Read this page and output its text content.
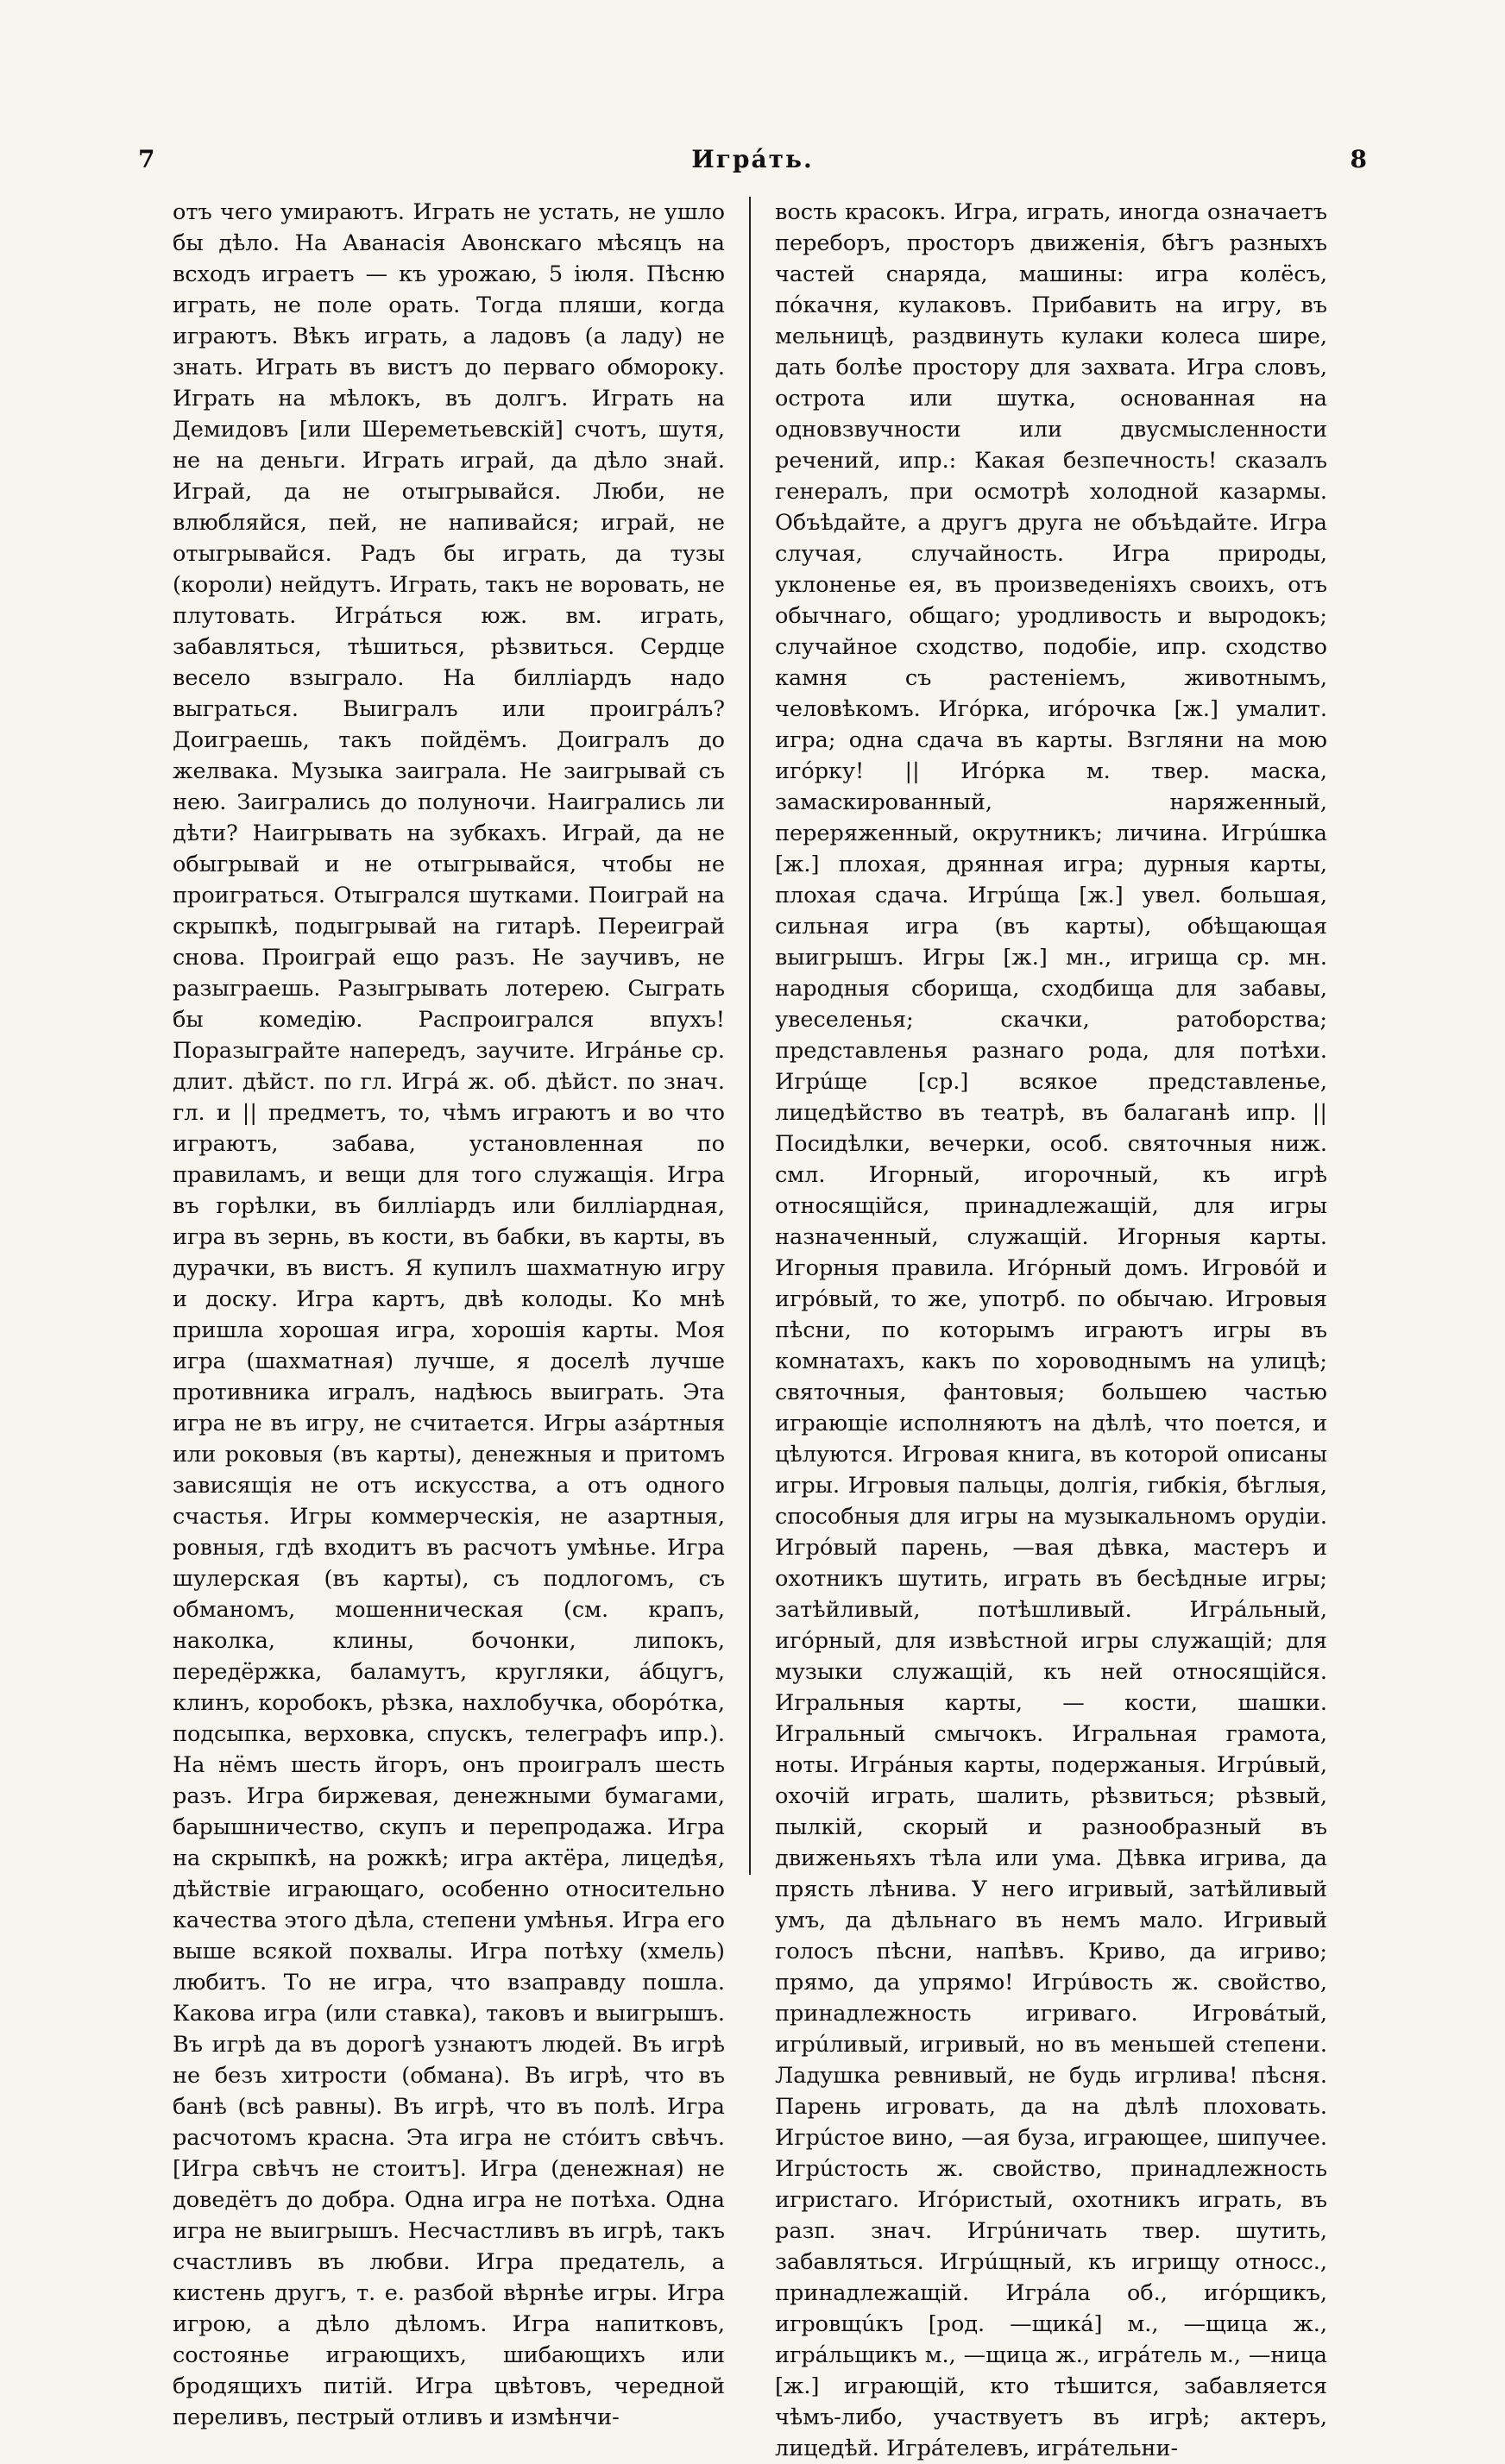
7	Игрáть.	8

отъ чего умираютъ. Играть не устать, не ушло бы дѣло. На Аванасія Авонскаго мѣсяцъ на всходъ играетъ — къ урожаю, 5 іюля. Пѣсню играть, не поле орать. Тогда пляши, когда играютъ. Вѣкъ играть, а ладовъ (а ладу) не знать. Играть въ вистъ до перваго обмороку. Играть на мѣлокъ, въ долгъ. Играть на Демидовъ [или Шереметьевскій] счотъ, шутя, не на деньги. Играть играй, да дѣло знай. Играй, да не отыгрывайся. Люби, не влюбляйся, пей, не напивайся; играй, не отыгрывайся. Радъ бы играть, да тузы (короли) нейдутъ. Играть, такъ не воровать, не плутовать. Игрáться юж. вм. играть, забавляться, тѣшиться, рѣзвиться. Сердце весело взыграло. На билліардъ надо выграться. Выигралъ или проигрáлъ? Доиграешь, такъ пойдёмъ. Доигралъ до желвака. Музыка заиграла. Не заигрывай съ нею. Заигрались до полуночи. Наигрались ли дѣти? Наигрывать на зубкахъ. Играй, да не обыгрывай и не отыгрывайся, чтобы не проиграться. Отыгрался шутками. Поиграй на скрыпкѣ, подыгрывай на гитарѣ. Переиграй снова. Проиграй ещо разъ. Не заучивъ, не разыграешь. Разыгрывать лотерею. Сыграть бы комедію. Распроигрался впухъ! Поразыграйте напередъ, заучите. Игрáнье ср. длит. дѣйст. по гл. Игрá ж. об. дѣйст. по знач. гл. и || предметъ, то, чѣмъ играютъ и во что играютъ, забава, установленная по правиламъ, и вещи для того служащія. Игра въ горѣлки, въ билліардъ или билліардная, игра въ зернь, въ кости, въ бабки, въ карты, въ дурачки, въ вистъ. Я купилъ шахматную игру и доску. Игра картъ, двѣ колоды. Ко мнѣ пришла хорошая игра, хорошія карты. Моя игра (шахматная) лучше, я доселѣ лучше противника игралъ, надѣюсь выиграть. Эта игра не въ игру, не считается. Игры азáртныя или роковыя (въ карты), денежныя и притомъ зависящія не отъ искусства, а отъ одного счастья. Игры коммерческія, не азартныя, ровныя, гдѣ входитъ въ расчотъ умѣнье. Игра шулерская (въ карты), съ подлогомъ, съ обманомъ, мошенническая (см. крапъ, наколка, клины, бочонки, липокъ, передёржка, баламутъ, кругляки, áбцугъ, клинъ, коробокъ, рѣзка, нахлобучка, оборóтка, подсыпка, верховка, спускъ, телеграфъ ипр.). На нёмъ шесть йгоръ, онъ проигралъ шесть разъ. Игра биржевая, денежными бумагами, барышничество, скупъ и перепродажа. Игра на скрыпкѣ, на рожкѣ; игра актёра, лицедѣя, дѣйствіе играющаго, особенно относительно качества этого дѣла, степени умѣнья. Игра его выше всякой похвалы. Игра потѣху (хмель) любитъ. То не игра, что взаправду пошла. Какова игра (или ставка), таковъ и выигрышъ. Въ игрѣ да въ дорогѣ узнаютъ людей. Въ игрѣ не безъ хитрости (обмана). Въ игрѣ, что въ банѣ (всѣ равны). Въ игрѣ, что въ полѣ. Игра расчотомъ красна. Эта игра не стóитъ свѣчъ. [Игра свѣчъ не стоитъ]. Игра (денежная) не доведётъ до добра. Одна игра не потѣха. Одна игра не выигрышъ. Несчастливъ въ игрѣ, такъ счастливъ въ любви. Игра предатель, а кистень другъ, т. е. разбой вѣрнѣе игры. Игра игрою, а дѣло дѣломъ. Игра напитковъ, состоянье играющихъ, шибающихъ или бродящихъ питій. Игра цвѣтовъ, чередной переливъ, пестрый отливъ и измѣнчи-

вость красокъ. Игра, играть, иногда означаетъ переборъ, просторъ движенія, бѣгъ разныхъ частей снаряда, машины: игра колёсъ, пóкачня, кулаковъ. Прибавить на игру, въ мельницѣ, раздвинуть кулаки колеса шире, дать болѣе простору для захвата. Игра словъ, острота или шутка, основанная на одновзвучности или двусмысленности речений, ипр.: Какая безпечность! сказалъ генералъ, при осмотрѣ холодной казармы. Объѣдайте, а другъ друга не объѣдайте. Игра случая, случайность. Игра природы, уклоненье ея, въ произведеніяхъ своихъ, отъ обычнаго, общаго; уродливость и выродокъ; случайное сходство, подобіе, ипр. сходство камня съ растеніемъ, животнымъ, человѣкомъ. Игóрка, игóрочка [ж.] умалит. игра; одна сдача въ карты. Взгляни на мою игóрку! || Игóрка м. твер. маска, замаскированный, наряженный, переряженный, окрутникъ; личина. Игрúшка [ж.] плохая, дрянная игра; дурныя карты, плохая сдача. Игрúща [ж.] увел. большая, сильная игра (въ карты), обѣщающая выигрышъ. Игры [ж.] мн., игрища ср. мн. народныя сборища, сходбища для забавы, увеселенья; скачки, ратоборства; представленья разнаго рода, для потѣхи. Игрúще [ср.] всякое представленье, лицедѣйство въ театрѣ, въ балаганѣ ипр. || Посидѣлки, вечерки, особ. святочныя ниж. смл. Игорный, игорочный, къ игрѣ относящійся, принадлежащій, для игры назначенный, служащій. Игорныя карты. Игорныя правила. Игóрный домъ. Игровóй и игрóвый, то же, употрб. по обычаю. Игровыя пѣсни, по которымъ играютъ игры въ комнатахъ, какъ по хороводнымъ на улицѣ; святочныя, фантовыя; большею частью играющіе исполняютъ на дѣлѣ, что поется, и цѣлуются. Игровая книга, въ которой описаны игры. Игровыя пальцы, долгія, гибкія, бѣглыя, способныя для игры на музыкальномъ орудіи. Игрóвый парень, —вая дѣвка, мастеръ и охотникъ шутить, играть въ бесѣдные игры; затѣйливый, потѣшливый. Игрáльный, игóрный, для извѣстной игры служащій; для музыки служащій, къ ней относящійся. Игральныя карты, — кости, шашки. Игральный смычокъ. Игральная грамота, ноты. Игрáныя карты, подержаныя. Игрúвый, охочій играть, шалить, рѣзвиться; рѣзвый, пылкій, скорый и разнообразный въ движеньяхъ тѣла или ума. Дѣвка игрива, да прясть лѣнива. У него игривый, затѣйливый умъ, да дѣльнаго въ немъ мало. Игривый голосъ пѣсни, напѣвъ. Криво, да игриво; прямо, да упрямо! Игрúвость ж. свойство, принадлежность игриваго. Игровáтый, игрúливый, игривый, но въ меньшей степени. Ладушка ревнивый, не будь игрлива! пѣсня. Парень игровать, да на дѣлѣ плоховать. Игрúстое вино, —ая буза, играющее, шипучее. Игрúстость ж. свойство, принадлежность игристаго. Игóристый, охотникъ играть, въ разп. знач. Игрúничать твер. шутить, забавляться. Игрúщный, къ игрищу относс., принадлежащій. Игрáла об., игóрщикъ, игровщúкъ [род. —щикá] м., —щица ж., игрáльщикъ м., —щица ж., игрáтель м., —ница [ж.] играющій, кто тѣшится, забавляется чѣмъ-либо, участвуетъ въ игрѣ; актеръ, лицедѣй. Игрáтелевъ, игрáтельни-
